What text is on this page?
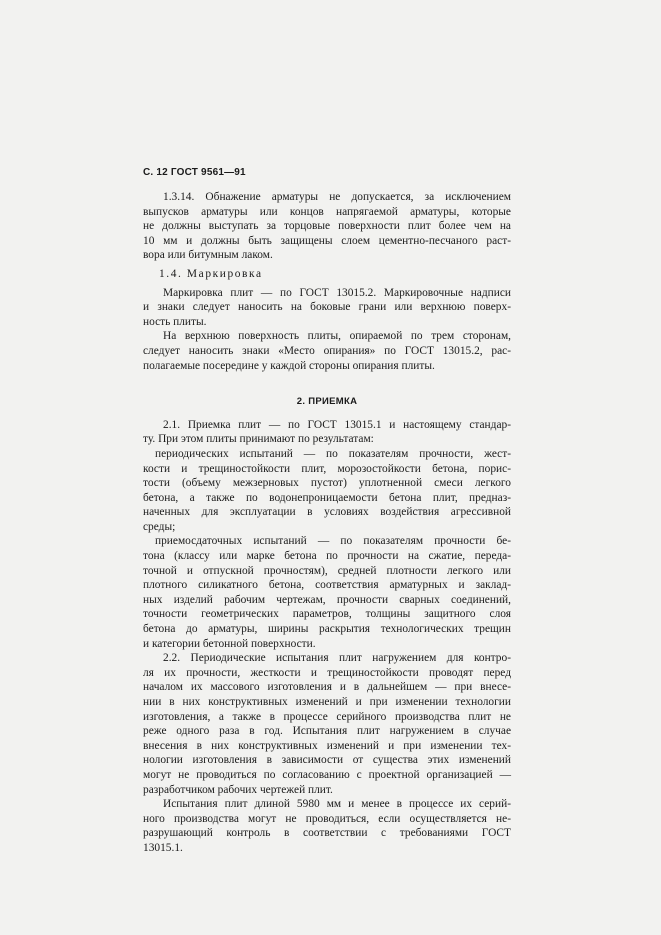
С. 12 ГОСТ 9561—91
1.3.14. Обнажение арматуры не допускается, за исключением
выпусков арматуры или концов напрягаемой арматуры, которые
не должны выступать за торцовые поверхности плит более чем на
10 мм и должны быть защищены слоем цементно-песчаного раст-
вора или битумным лаком.
1.4. Маркировка
Маркировка плит — по ГОСТ 13015.2. Маркировочные надписи
и знаки следует наносить на боковые грани или верхнюю поверх-
ность плиты.
На верхнюю поверхность плиты, опираемой по трем сторонам,
следует наносить знаки «Место опирания» по ГОСТ 13015.2, рас-
полагаемые посередине у каждой стороны опирания плиты.
2. ПРИЕМКА
2.1. Приемка плит — по ГОСТ 13015.1 и настоящему стандар-
ту. При этом плиты принимают по результатам:
периодических испытаний — по показателям прочности, жест-
кости и трещиностойкости плит, морозостойкости бетона, порис-
тости (объему межзерновых пустот) уплотненной смеси легкого
бетона, а также по водонепроницаемости бетона плит, предназ-
наченных для эксплуатации в условиях воздействия агрессивной
среды;
приемосдаточных испытаний — по показателям прочности бе-
тона (классу или марке бетона по прочности на сжатие, переда-
точной и отпускной прочностям), средней плотности легкого или
плотного силикатного бетона, соответствия арматурных и заклад-
ных изделий рабочим чертежам, прочности сварных соединений,
точности геометрических параметров, толщины защитного слоя
бетона до арматуры, ширины раскрытия технологических трещин
и категории бетонной поверхности.
2.2. Периодические испытания плит нагружением для контро-
ля их прочности, жесткости и трещиностойкости проводят перед
началом их массового изготовления и в дальнейшем — при внесе-
нии в них конструктивных изменений и при изменении технологии
изготовления, а также в процессе серийного производства плит не
реже одного раза в год. Испытания плит нагружением в случае
внесения в них конструктивных изменений и при изменении тех-
нологии изготовления в зависимости от существа этих изменений
могут не проводиться по согласованию с проектной организацией —
разработчиком рабочих чертежей плит.
Испытания плит длиной 5980 мм и менее в процессе их серий-
ного производства могут не проводиться, если осуществляется не-
разрушающий контроль в соответствии с требованиями ГОСТ
13015.1.
